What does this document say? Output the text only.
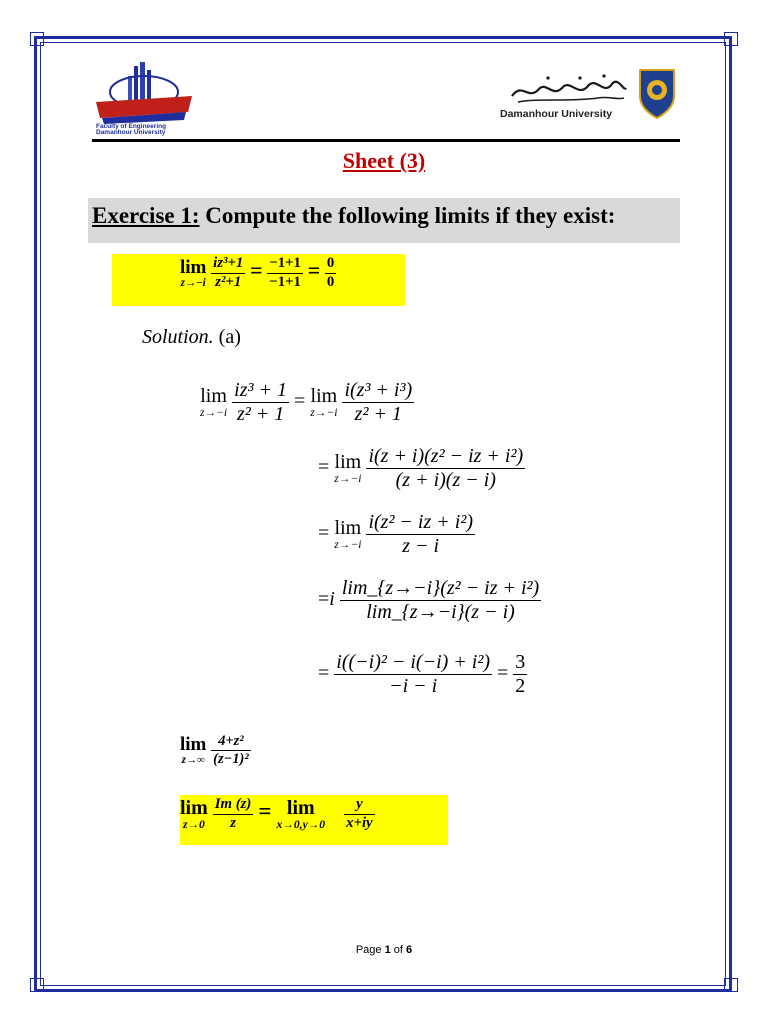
Faculty of Engineering
Damanhour University
Damanhour University
Sheet (3)
Exercise 1: Compute the following limits if they exist:
lim
z→−i
$\frac{\text{iz³+1}}{\text{z²+1}} = \frac{-1+1}{-1+1} = \frac{0}{0}$
Solution. (a)
lim
z→−i
$\frac{\text{iz³ + 1}}{\text{z² + 1}} = \lim$
z→−i
$\frac{\text{i(z³ + i³)}}{\text{z² + 1}}$
= lim
z→−i
$\frac{\text{i(z + i)(z² − iz + i²)}}{(z + i)(z - i)}$
= lim
z→−i
$\frac{\text{i(z² − iz + i²)}}{z - i}$
$=i \frac{\text{lim\_\{z→−i\}(z² − iz + i²)}}{\lim\_\{z\to-i\}(z - i)}$
= $\frac{\text{i((−i)² − i(−i) + i²)}}{-i - i} = \frac{3}{2}$
lim
z→∞
$\frac{\text{4+z²}}{\text{(z−1)²}}$
lim
z→0
$\frac{Im (z)}{z} = \lim$
x→0,y→0
$\frac{y}{x+iy}$
Page 1 of 6
